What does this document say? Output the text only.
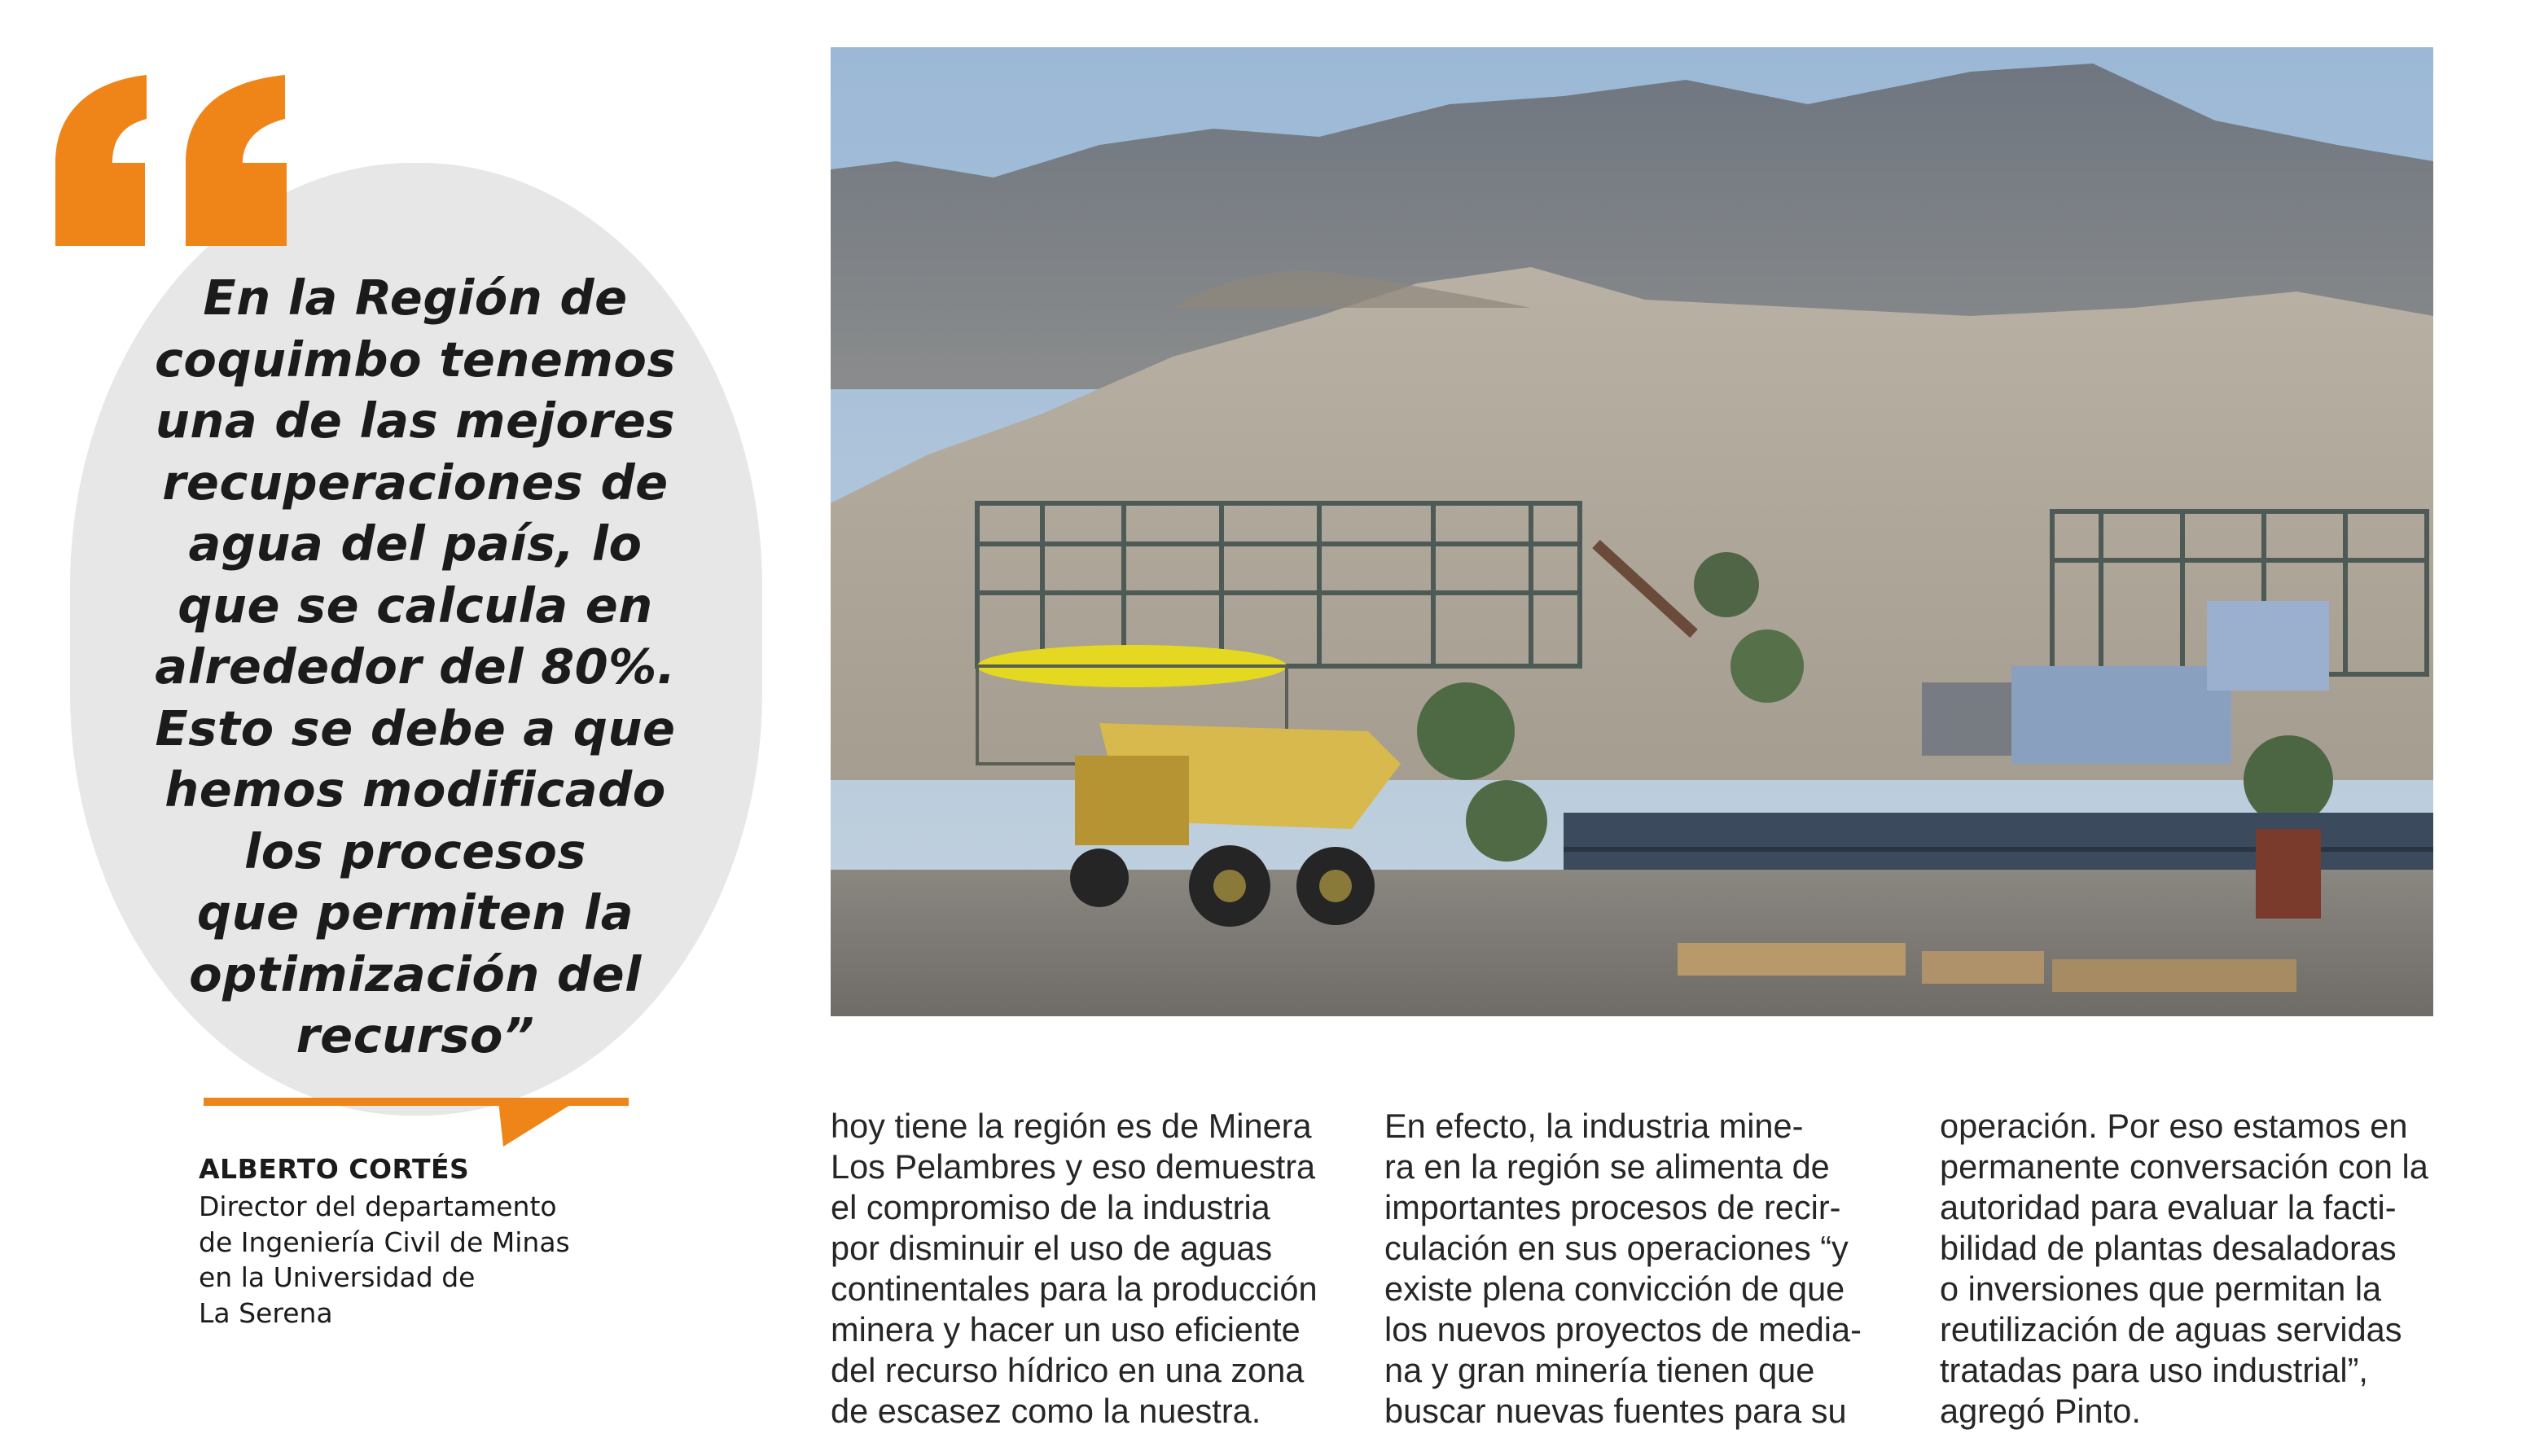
En la Región de
coquimbo tenemos
una de las mejores
recuperaciones de
agua del país, lo
que se calcula en
alrededor del 80%.
Esto se debe a que
hemos modificado
los procesos
que permiten la
optimización del
recurso”
ALBERTO CORTÉS
Director del departamento
de Ingeniería Civil de Minas
en la Universidad de
La Serena
hoy tiene la región es de Minera
Los Pelambres y eso demuestra
el compromiso de la industria
por disminuir el uso de aguas
continentales para la producción
minera y hacer un uso eficiente
del recurso hídrico en una zona
de escasez como la nuestra.
En efecto, la industria mine-
ra en la región se alimenta de
importantes procesos de recir-
culación en sus operaciones “y
existe plena convicción de que
los nuevos proyectos de media-
na y gran minería tienen que
buscar nuevas fuentes para su
operación. Por eso estamos en
permanente conversación con la
autoridad para evaluar la facti-
bilidad de plantas desaladoras
o inversiones que permitan la
reutilización de aguas servidas
tratadas para uso industrial”,
agregó Pinto.
